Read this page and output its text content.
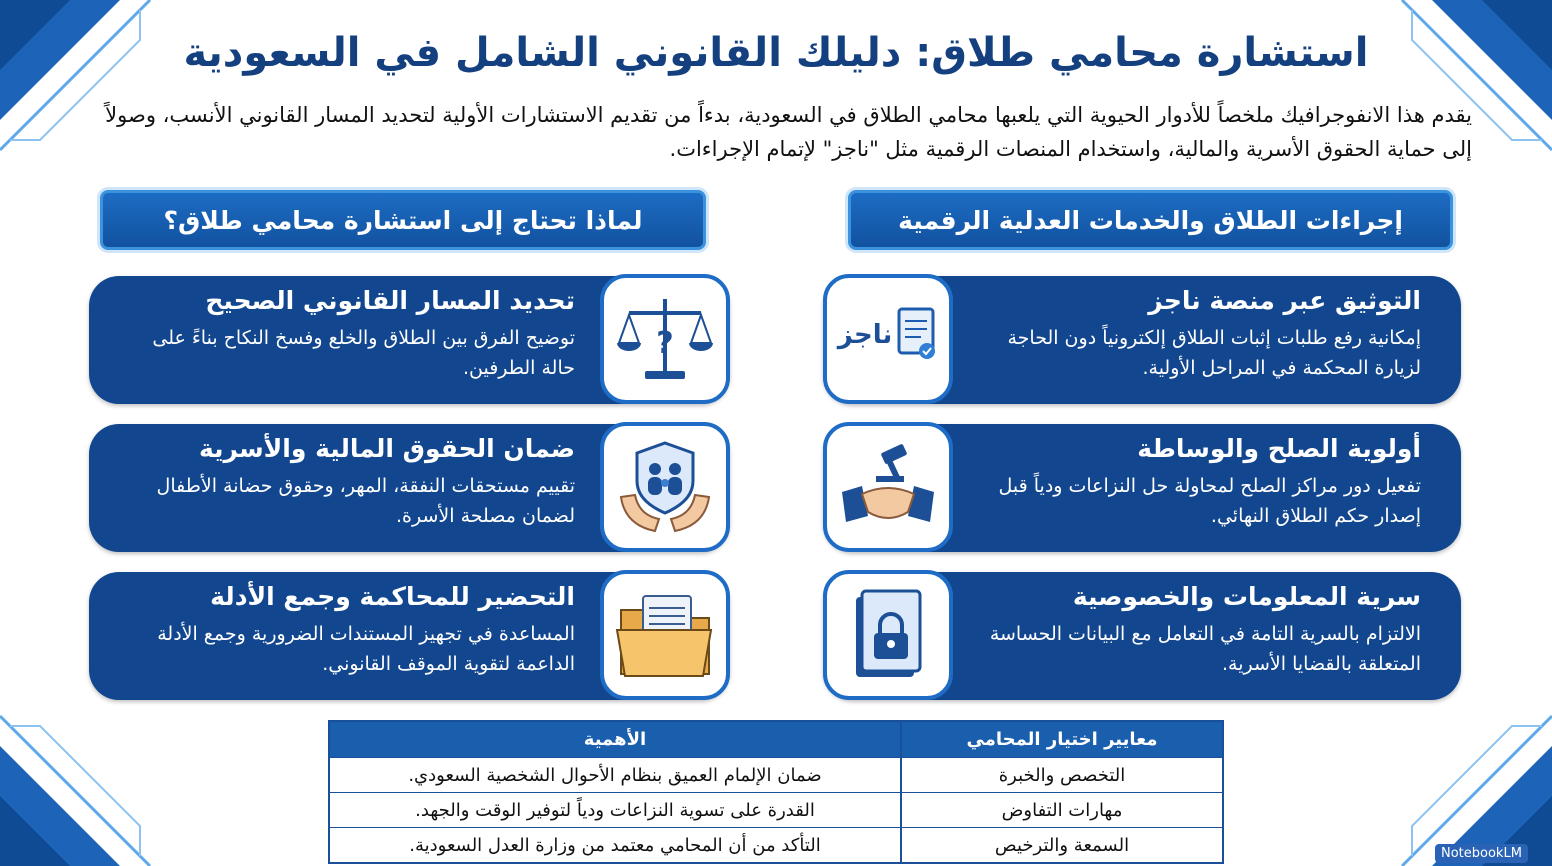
استشارة محامي طلاق: دليلك القانوني الشامل في السعودية

يقدم هذا الانفوجرافيك ملخصاً للأدوار الحيوية التي يلعبها محامي الطلاق في السعودية، بدءاً من تقديم الاستشارات الأولية لتحديد المسار القانوني الأنسب، وصولاً إلى حماية الحقوق الأسرية والمالية، واستخدام المنصات الرقمية مثل "ناجز" لإتمام الإجراءات.

إجراءات الطلاق والخدمات العدلية الرقمية
لماذا تحتاج إلى استشارة محامي طلاق؟
ناجز
التوثيق عبر منصة ناجز

إمكانية رفع طلبات إثبات الطلاق إلكترونياً دون الحاجة لزيارة المحكمة في المراحل الأولية.

أولوية الصلح والوساطة

تفعيل دور مراكز الصلح لمحاولة حل النزاعات ودياً قبل إصدار حكم الطلاق النهائي.

سرية المعلومات والخصوصية

الالتزام بالسرية التامة في التعامل مع البيانات الحساسة المتعلقة بالقضايا الأسرية.

?
تحديد المسار القانوني الصحيح

توضيح الفرق بين الطلاق والخلع وفسخ النكاح بناءً على حالة الطرفين.

ضمان الحقوق المالية والأسرية

تقييم مستحقات النفقة، المهر، وحقوق حضانة الأطفال لضمان مصلحة الأسرة.

التحضير للمحاكمة وجمع الأدلة

المساعدة في تجهيز المستندات الضرورية وجمع الأدلة الداعمة لتقوية الموقف القانوني.

معايير اختيار المحامي	الأهمية
التخصص والخبرة	ضمان الإلمام العميق بنظام الأحوال الشخصية السعودي.
مهارات التفاوض	القدرة على تسوية النزاعات ودياً لتوفير الوقت والجهد.
السمعة والترخيص	التأكد من أن المحامي معتمد من وزارة العدل السعودية.	NotebookLM
